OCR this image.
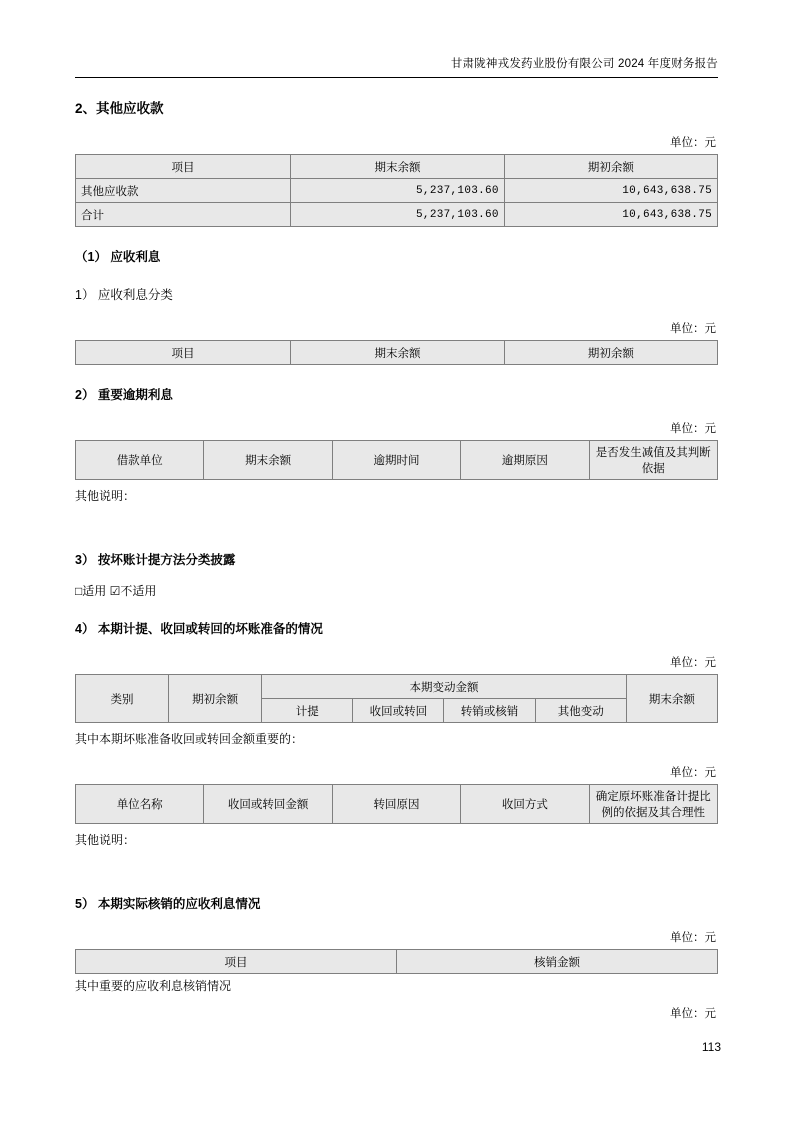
甘肃陇神戎发药业股份有限公司 2024 年度财务报告
2、其他应收款
单位：元
项目	期末余额	期初余额
其他应收款	5,237,103.60	10,643,638.75
合计	5,237,103.60	10,643,638.75
（1） 应收利息
1） 应收利息分类
单位：元
项目	期末余额	期初余额
2） 重要逾期利息
单位：元
借款单位	期末余额	逾期时间	逾期原因	是否发生减值及其判断依据
其他说明：
3） 按坏账计提方法分类披露
□适用 ☑不适用
4） 本期计提、收回或转回的坏账准备的情况
单位：元
类别	期初余额	本期变动金额				期末余额
		计提	收回或转回	转销或核销	其他变动	
其中本期坏账准备收回或转回金额重要的：
单位：元
单位名称	收回或转回金额	转回原因	收回方式	确定原坏账准备计提比例的依据及其合理性
其他说明：
5） 本期实际核销的应收利息情况
单位：元
项目	核销金额
其中重要的应收利息核销情况
单位：元
113
